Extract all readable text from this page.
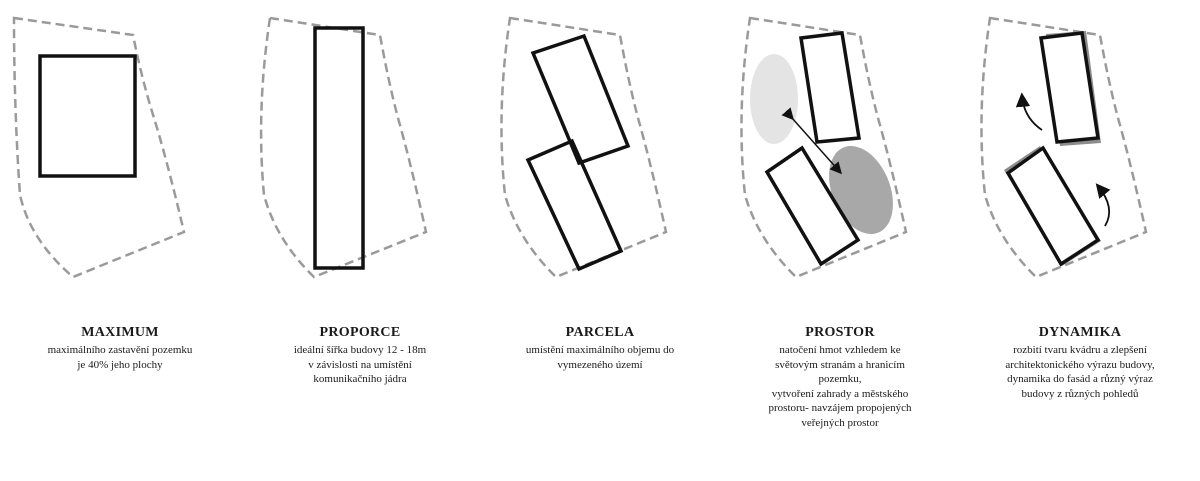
MAXIMUM
maximálního zastavění pozemku
je 40% jeho plochy
PROPORCE
ideální šířka budovy 12 - 18m
v závislosti na umístění
komunikačního jádra
PARCELA
umístění maximálního objemu do
vymezeného území
PROSTOR
natočení hmot vzhledem ke
světovým stranám a hranicím
pozemku,
vytvoření zahrady a městského
prostoru- navzájem propojených
veřejných prostor
DYNAMIKA
rozbití tvaru kvádru a zlepšení
architektonického výrazu budovy,
dynamika do fasád a různý výraz
budovy z různých pohledů
